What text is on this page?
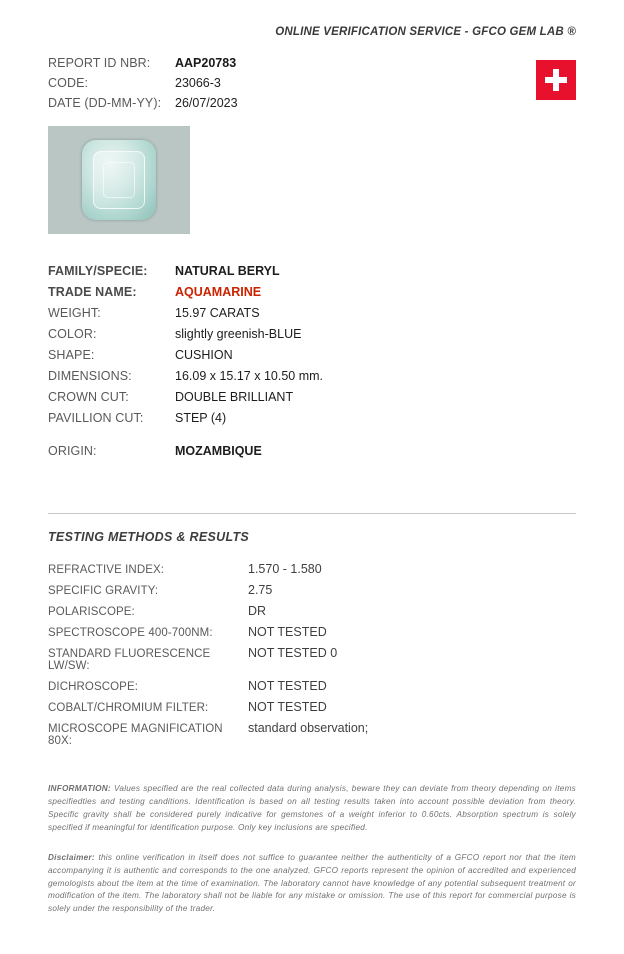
ONLINE VERIFICATION SERVICE - GFCO GEM LAB ®
REPORT ID NBR:	AAP20783
CODE:	23066-3
DATE (DD-MM-YY):	26/07/2023
FAMILY/SPECIE:	NATURAL BERYL
TRADE NAME:	AQUAMARINE
WEIGHT:	15.97 CARATS
COLOR:	slightly greenish-BLUE
SHAPE:	CUSHION
DIMENSIONS:	16.09 x 15.17 x 10.50 mm.
CROWN CUT:	DOUBLE BRILLIANT
PAVILLION CUT:	STEP (4)
ORIGIN:	MOZAMBIQUE
TESTING METHODS & RESULTS
REFRACTIVE INDEX:	1.570 - 1.580
SPECIFIC GRAVITY:	2.75
POLARISCOPE:	DR
SPECTROSCOPE 400-700NM:	NOT TESTED
STANDARD FLUORESCENCE LW/SW:
NOT TESTED 0
DICHROSCOPE:	NOT TESTED
COBALT/CHROMIUM FILTER:	NOT TESTED
MICROSCOPE MAGNIFICATION 80X:
standard observation;

INFORMATION: Values specified are the real collected data during analysis, beware they can deviate from theory depending on items specifiedties and testing canditions. Identification is based on all testing results taken into account possible deviation from theory. Specific gravity shall be considered purely indicative for gemstones of a weight inferior to 0.60cts. Absorption spectrum is solely specified if meaningful for identification purpose. Only key inclusions are specified.

Disclaimer: this online verification in itself does not suffice to guarantee neither the authenticity of a GFCO report nor that the item accompanying it is authentic and corresponds to the one analyzed. GFCO reports represent the opinion of accredited and experienced gemologists about the item at the time of examination. The laboratory cannot have knowledge of any potential subsequent treatment or modification of the item. The laboratory shall not be liable for any mistake or omission. The use of this report for commercial purpose is solely under the responsibility of the trader.
